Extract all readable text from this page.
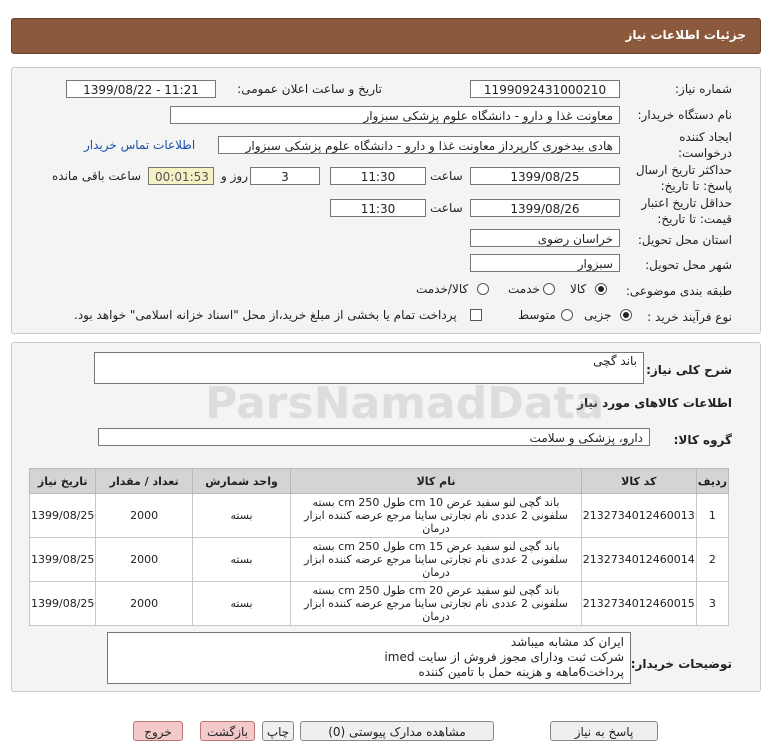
جزئیات اطلاعات نیاز
شماره نیاز:
1199092431000210
تاریخ و ساعت اعلان عمومی:
1399/08/22 - 11:21
نام دستگاه خریدار:
معاونت غذا و دارو - دانشگاه علوم پزشکی سبزوار
ایجاد کننده درخواست:
هادی بیدخوری کارپرداز معاونت غذا و دارو - دانشگاه علوم پزشکی سبزوار
اطلاعات تماس خریدار
حداکثر تاریخ ارسال پاسخ: تا تاریخ:
1399/08/25
ساعت
11:30
3
روز و
00:01:53
ساعت باقی مانده
حداقل تاریخ اعتبار قیمت: تا تاریخ:
1399/08/26
ساعت
11:30
استان محل تحویل:
خراسان رضوی
شهر محل تحویل:
سبزوار
طبقه بندی موضوعی:
کالا
خدمت
کالا/خدمت
نوع فرآیند خرید :
جزیی
متوسط
پرداخت تمام یا بخشی از مبلغ خرید،از محل "اسناد خزانه اسلامی" خواهد بود.
شرح کلی نیاز:
باند گچی
اطلاعات کالاهای مورد نیاز
گروه کالا:
دارو، پزشکی و سلامت
ردیف	کد کالا	نام کالا	واحد شمارش	تعداد / مقدار	تاریخ نیاز
1	2132734012460013	باند گچی لنو سفید عرض cm 10 طول cm 250 بسته سلفونی 2 عددی نام تجارتی ساینا مرجع عرضه کننده ابزار درمان	بسته	2000	1399/08/25
2	2132734012460014	باند گچی لنو سفید عرض cm 15 طول cm 250 بسته سلفونی 2 عددی نام تجارتی ساینا مرجع عرضه کننده ابزار درمان	بسته	2000	1399/08/25
3	2132734012460015	باند گچی لنو سفید عرض cm 20 طول cm 250 بسته سلفونی 2 عددی نام تجارتی ساینا مرجع عرضه کننده ابزار درمان	بسته	2000	1399/08/25
توضیحات خریدار:
ایران کد مشابه میباشد
شرکت ثبت ودارای مجوز فروش از سایت imed
پرداخت6ماهه و هزینه حمل با تامین کننده
ParsNamadData
پاسخ به نیاز
مشاهده مدارک پیوستی (0)
چاپ
بازگشت
خروج
